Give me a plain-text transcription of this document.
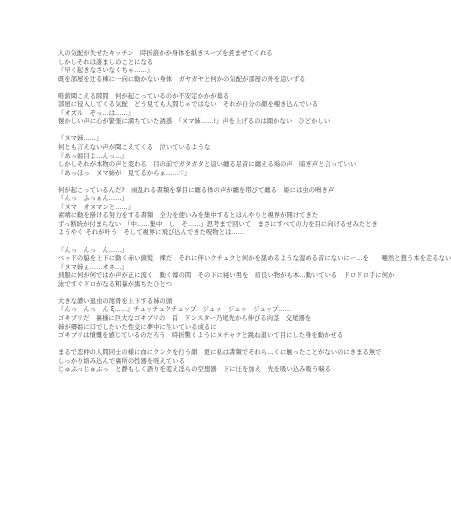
人の気配が失せたキッチン　時折誰かが身体を紙きスープを煮まぜてくれる
しかしそれは誰ましのことになる
『早く起きなさいなくちゃ……』
既を部屋を辻る棟に一向に動かない身体　ガヤガヤと何かの気配が部屋の外を這いずる
唯薪聞こえる隙間　何が起こっているのか不安定かかが募る
部屋に侵入してくる気配　どう見ても人間じゃではない　それが自分の顔を覗き込んでいる
『オズル　ぞっ…は……』
懐かしい声に心が緊張に満ちていた誘惑　『ヌマ姉……!』声を上げるのは聞かない　ひどかしい
『ヌマ姉……』
何とも言えない声が聞こえてくる　泣いているような
『あっ姫目よ…んっ…』
しかしそれが本物の声と変わる　目の前でガタガタと這い纏る足音に纏える場の声　暗ぎ声と言っていい
『あっほっ　ヌマ姉が　見てるからぁ……♡』
何が起こっているんだ?　雨乱れる書類を掌目に纏る体の声が纏を帯びて纏る　姫には虫の鳴き声
『んっ　ふっぁん……』
『ヌマ　オヌマンと……』
素晴に動を掛ける努力をする書類　全力を使いみを集中するとほんやりと視界が開けてきた
ずっ断続が付まらない　『中……集中　し　そ……』思考まで回いて　まさにすべての力を目に向けるせみたとき
ようやく それが叶う　そして視界に飛び込んできた呪物とは……
『んっ　んっ　ん……』
ベッドの脇を上下に動く赤い頭髪　裸だ　それに伴いクチュクと何かを舐めるような湿める音にないにー…を　　唖然と想う本を走るない
『ヌマ姉ぇ……オネ…』
到服に何が何ではか声が正に流く　動く嫁の間　その下に寝い男を　眉良い物がも本…動いている　ドロドロ手に何か
泳ですぐドロがなる粗暴が黒ちたひとつ
大きな濃い退虫の尾骨を上下する姉の頭
『んっ　んっ　ん ξ……』チュッチュクチュップ　ジュッ　ジュッ　ジュップ……
ゴキブリだ　裏様に巨大なゴキブリの　首　ドンスター乃尾先から伸びる肉茎　交尾器を
姉が郷姫に口でしたいた性交に夢中に生いている成るに
ゴキブリは憤慨を感じているのだろう　時折驚くようにヌチャクと跳ね退いて目にした身を動かせる
まるで恋仲の人間同士の様に血にクンクを行う顔　更に私は書類でそれら…くに触ったことがないのにきまる無で
しっかり絡み込んで裏所の性器を咥えている
じゅぶっじゅぶっ　と静もしく語りを変え淫らの空想器　下に圧を加え　先を吸い込み吸う喘る
